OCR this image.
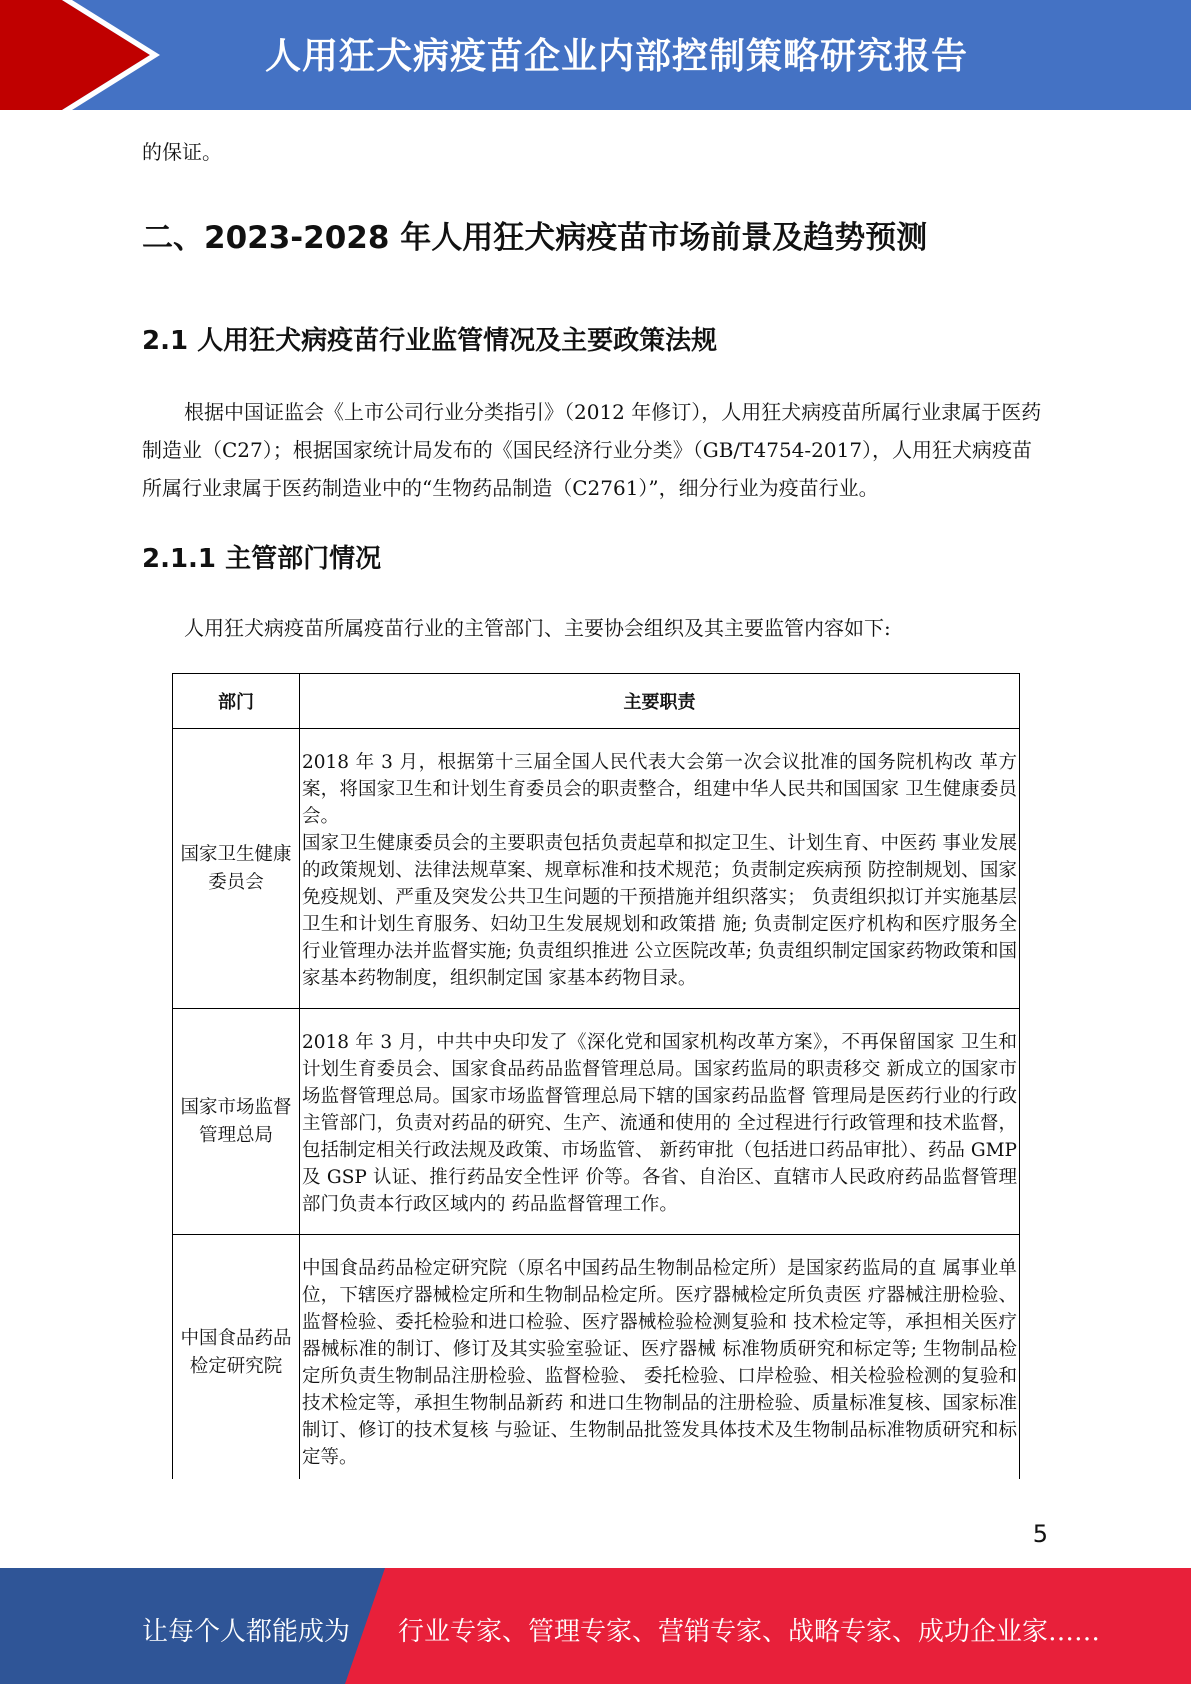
人用狂犬病疫苗企业内部控制策略研究报告
的保证。
二、2023-2028 年人用狂犬病疫苗市场前景及趋势预测
2.1 人用狂犬病疫苗行业监管情况及主要政策法规
根据中国证监会《上市公司行业分类指引》（2012 年修订），人用狂犬病疫苗所属行业隶属于医药制造业（C27）；根据国家统计局发布的《国民经济行业分类》（GB/T4754-2017），人用狂犬病疫苗所属行业隶属于医药制造业中的“生物药品制造（C2761）”，细分行业为疫苗行业。
2.1.1 主管部门情况
人用狂犬病疫苗所属疫苗行业的主管部门、主要协会组织及其主要监管内容如下:
部门	主要职责
国家卫生健康委员会	2018 年 3 月，根据第十三届全国人民代表大会第一次会议批准的国务院机构改 革方案，将国家卫生和计划生育委员会的职责整合，组建中华人民共和国国家 卫生健康委员会。

国家卫生健康委员会的主要职责包括负责起草和拟定卫生、计划生育、中医药 事业发展的政策规划、法律法规草案、规章标准和技术规范；负责制定疾病预 防控制规划、国家免疫规划、严重及突发公共卫生问题的干预措施并组织落实； 负责组织拟订并实施基层卫生和计划生育服务、妇幼卫生发展规划和政策措 施; 负责制定医疗机构和医疗服务全行业管理办法并监督实施; 负责组织推进 公立医院改革; 负责组织制定国家药物政策和国家基本药物制度，组织制定国 家基本药物目录。

国家市场监督管理总局	2018 年 3 月，中共中央印发了《深化党和国家机构改革方案》，不再保留国家 卫生和计划生育委员会、国家食品药品监督管理总局。国家药监局的职责移交 新成立的国家市场监督管理总局。国家市场监督管理总局下辖的国家药品监督 管理局是医药行业的行政主管部门，负责对药品的研究、生产、流通和使用的 全过程进行行政管理和技术监督，包括制定相关行政法规及政策、市场监管、 新药审批（包括进口药品审批）、药品 GMP 及 GSP 认证、推行药品安全性评 价等。各省、自治区、直辖市人民政府药品监督管理部门负责本行政区域内的 药品监督管理工作。

中国食品药品检定研究院	中国食品药品检定研究院（原名中国药品生物制品检定所）是国家药监局的直 属事业单位，下辖医疗器械检定所和生物制品检定所。医疗器械检定所负责医 疗器械注册检验、监督检验、委托检验和进口检验、医疗器械检验检测复验和 技术检定等，承担相关医疗器械标准的制订、修订及其实验室验证、医疗器械 标准物质研究和标定等; 生物制品检定所负责生物制品注册检验、监督检验、 委托检验、口岸检验、相关检验检测的复验和技术检定等，承担生物制品新药 和进口生物制品的注册检验、质量标准复核、国家标准制订、修订的技术复核 与验证、生物制品批签发具体技术及生物制品标准物质研究和标定等。

5
让每个人都能成为 行业专家、管理专家、营销专家、战略专家、成功企业家……
